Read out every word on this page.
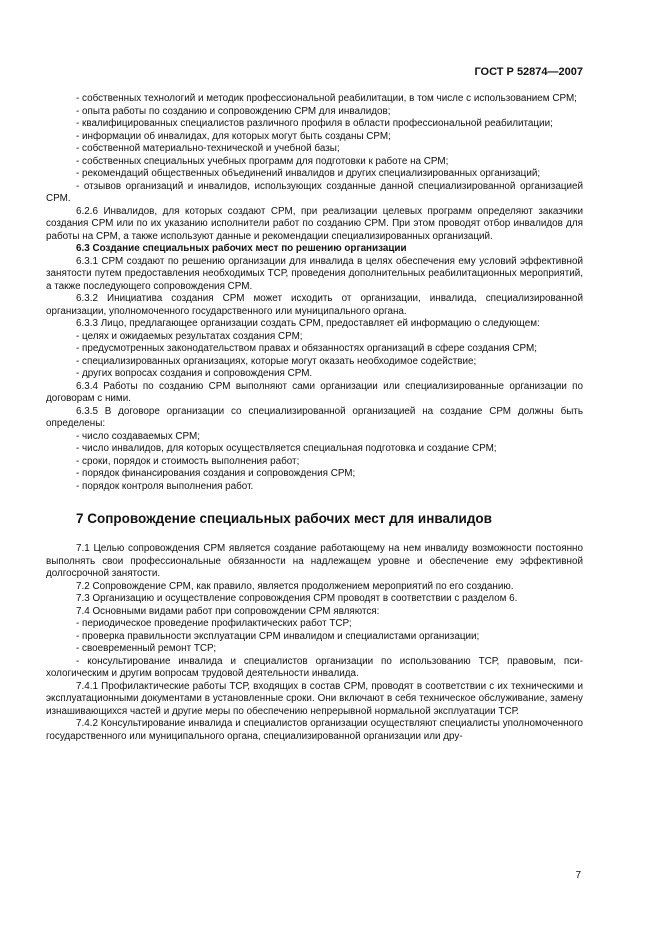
ГОСТ Р 52874—2007

- собственных технологий и методик профессиональной реабилитации, в том числе с использованием СРМ;

- опыта работы по созданию и сопровождению СРМ для инвалидов;

- квалифицированных специалистов различного профиля в области профессиональной реабилитации;

- информации об инвалидах, для которых могут быть созданы СРМ;

- собственной материально-технической и учебной базы;

- собственных специальных учебных программ для подготовки к работе на СРМ;

- рекомендаций общественных объединений инвалидов и других специализированных организаций;

- отзывов организаций и инвалидов, использующих созданные данной специализированной организацией СРМ.

6.2.6 Инвалидов, для которых создают СРМ, при реализации целевых программ определяют заказчики создания СРМ или по их указанию исполнители работ по созданию СРМ. При этом проводят отбор инвалидов для работы на СРМ, а также используют данные и рекомендации специализированных организаций.

6.3 Создание специальных рабочих мест по решению организации

6.3.1 СРМ создают по решению организации для инвалида в целях обеспечения ему условий эффективной занятости путем предоставления необходимых ТСР, проведения дополнительных реабилитационных мероприятий, а также последующего сопровождения СРМ.

6.3.2 Инициатива создания СРМ может исходить от организации, инвалида, специализированной организации, уполномоченного государственного или муниципального органа.

6.3.3 Лицо, предлагающее организации создать СРМ, предоставляет ей информацию о следующем:

- целях и ожидаемых результатах создания СРМ;

- предусмотренных законодательством правах и обязанностях организаций в сфере создания СРМ;

- специализированных организациях, которые могут оказать необходимое содействие;

- других вопросах создания и сопровождения СРМ.

6.3.4 Работы по созданию СРМ выполняют сами организации или специализированные организации по договорам с ними.

6.3.5 В договоре организации со специализированной организацией на создание СРМ должны быть определены:

- число создаваемых СРМ;

- число инвалидов, для которых осуществляется специальная подготовка и создание СРМ;

- сроки, порядок и стоимость выполнения работ;

- порядок финансирования создания и сопровождения СРМ;

- порядок контроля выполнения работ.

7 Сопровождение специальных рабочих мест для инвалидов

7.1 Целью сопровождения СРМ является создание работающему на нем инвалиду возможности постоянно выполнять свои профессиональные обязанности на надлежащем уровне и обеспечение ему эффективной долгосрочной занятости.

7.2 Сопровождение СРМ, как правило, является продолжением мероприятий по его созданию.

7.3 Организацию и осуществление сопровождения СРМ проводят в соответствии с разделом 6.

7.4 Основными видами работ при сопровождении СРМ являются:

- периодическое проведение профилактических работ ТСР;

- проверка правильности эксплуатации СРМ инвалидом и специалистами организации;

- своевременный ремонт ТСР;

- консультирование инвалида и специалистов организации по использованию ТСР, правовым, психологическим и другим вопросам трудовой деятельности инвалида.

7.4.1 Профилактические работы ТСР, входящих в состав СРМ, проводят в соответствии с их техническими и эксплуатационными документами в установленные сроки. Они включают в себя техническое обслуживание, замену изнашивающихся частей и другие меры по обеспечению непрерывной нормальной эксплуатации ТСР.

7.4.2 Консультирование инвалида и специалистов организации осуществляют специалисты уполномоченного государственного или муниципального органа, специализированной организации или дру-

7
